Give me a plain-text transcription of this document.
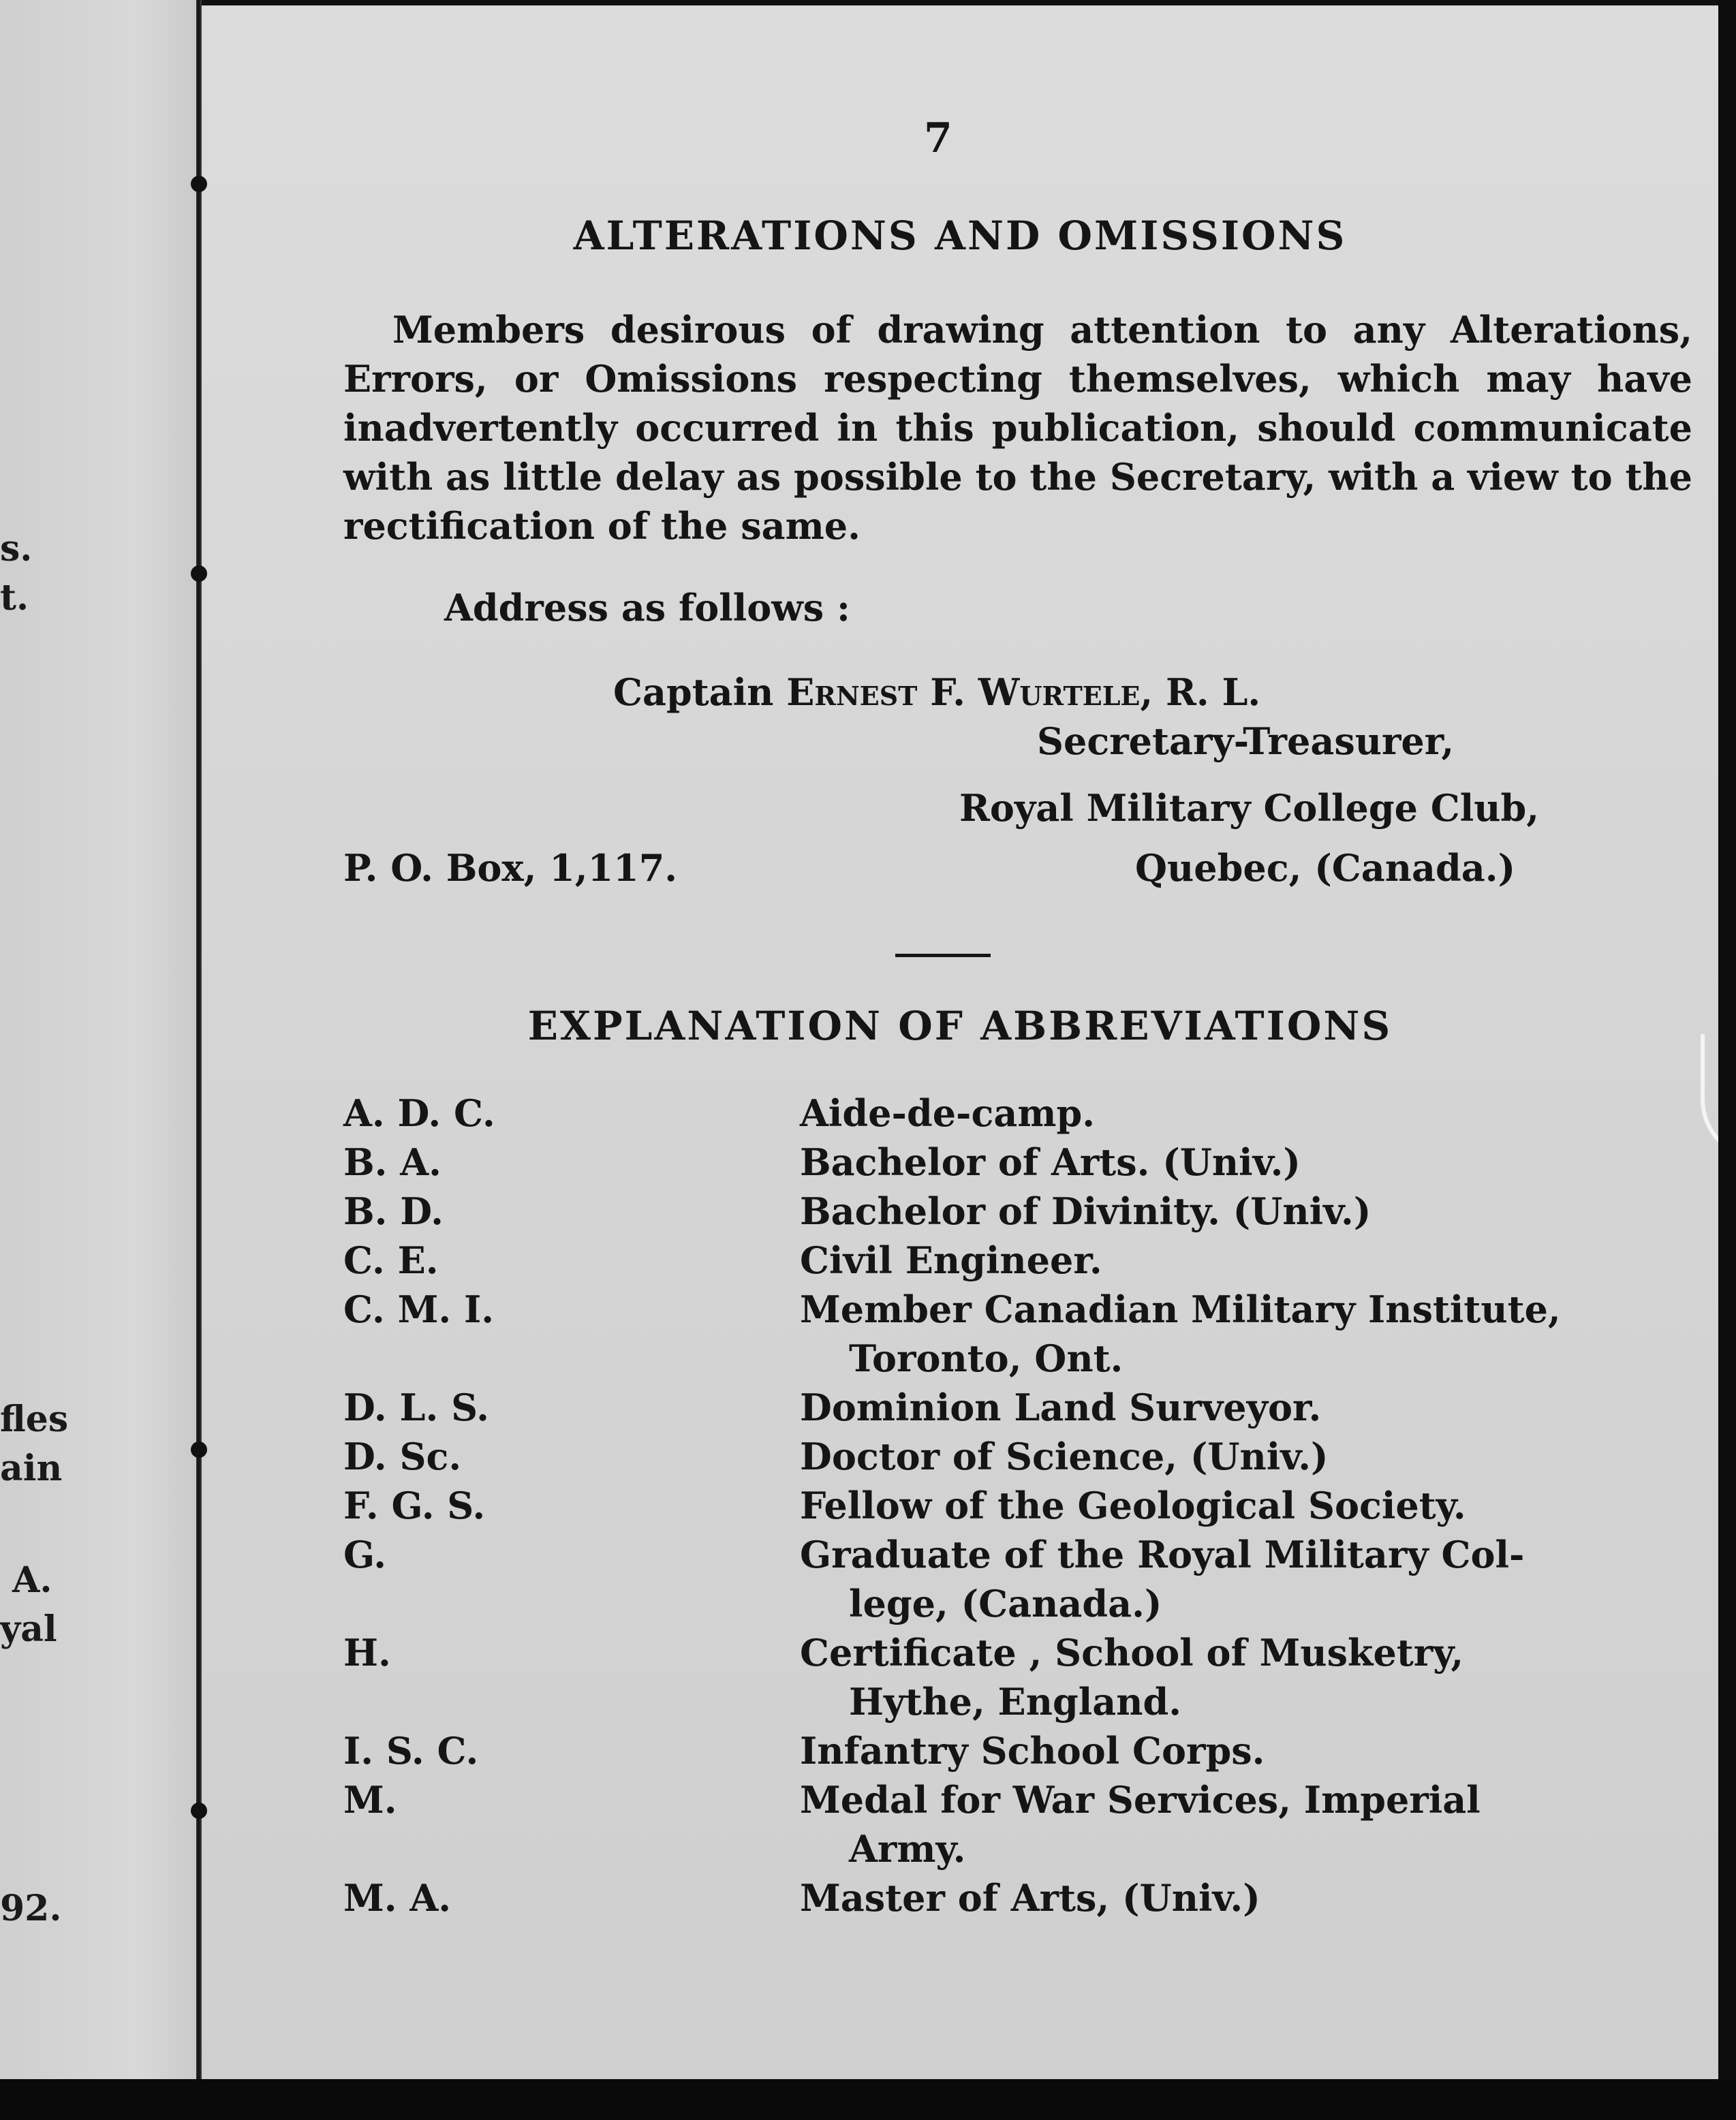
s.
t.
fles
ain
A.
yal
92.
7
ALTERATIONS AND OMISSIONS
Members desirous of drawing attention to any Alterations, Errors, or Omissions respecting themselves, which may have inadvertently occurred in this publication, should communicate with as little delay as possible to the Secretary, with a view to the rectification of the same.
Address as follows :
Captain Ernest F. Wurtele, R. L.
Secretary-Treasurer,
Royal Military College Club,
P. O. Box, 1,117.	Quebec, (Canada.)
EXPLANATION OF ABBREVIATIONS
A. D. C.	Aide-de-camp.
B. A.	Bachelor of Arts. (Univ.)
B. D.	Bachelor of Divinity. (Univ.)
C. E.	Civil Engineer.
C. M. I.	Member Canadian Military Institute,
Toronto, Ont.
D. L. S.	Dominion Land Surveyor.
D. Sc.	Doctor of Science, (Univ.)
F. G. S.	Fellow of the Geological Society.
G.	Graduate of the Royal Military Col-
lege, (Canada.)
H.	Certificate , School of Musketry,
Hythe, England.
I. S. C.	Infantry School Corps.
M.	Medal for War Services, Imperial
Army.
M. A.	Master of Arts, (Univ.)
